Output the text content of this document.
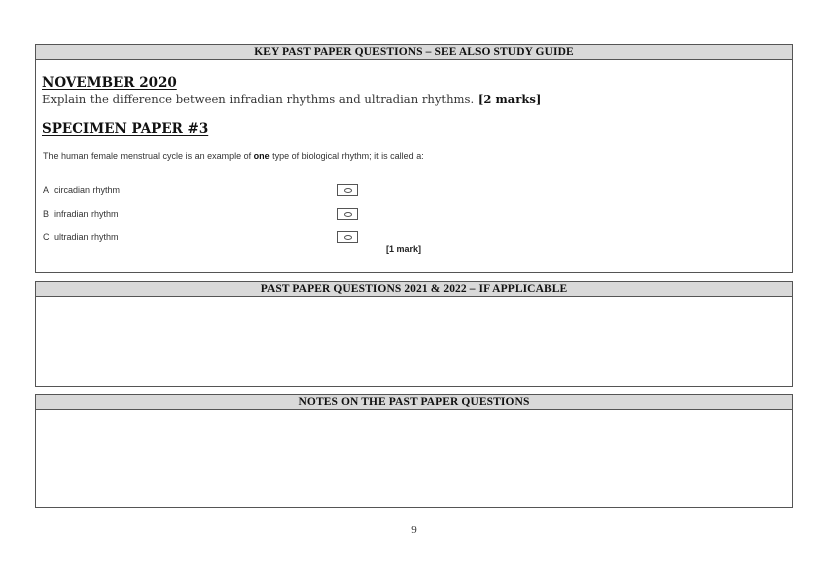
KEY PAST PAPER QUESTIONS – SEE ALSO STUDY GUIDE
NOVEMBER 2020
Explain the difference between infradian rhythms and ultradian rhythms. [2 marks]
SPECIMEN PAPER #3
The human female menstrual cycle is an example of one type of biological rhythm; it is called a:
A circadian rhythm
B infradian rhythm
C ultradian rhythm
[1 mark]
PAST PAPER QUESTIONS 2021 & 2022 – IF APPLICABLE
NOTES ON THE PAST PAPER QUESTIONS
9
